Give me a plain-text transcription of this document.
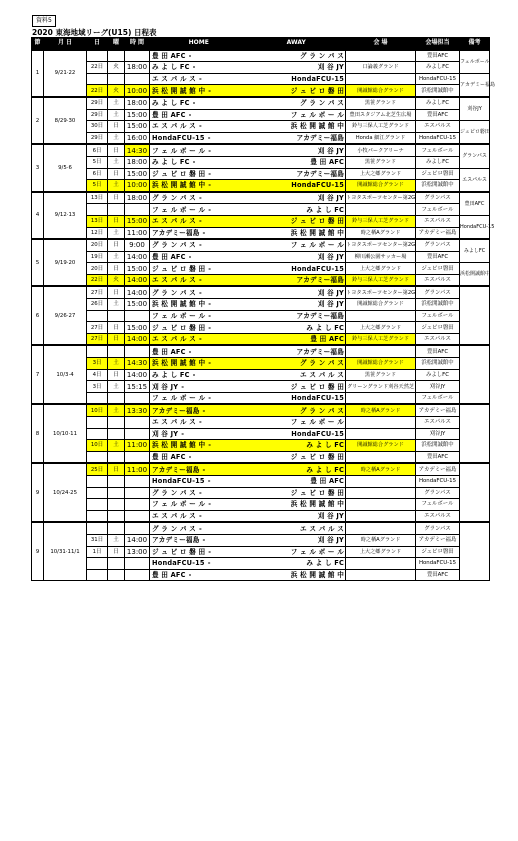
資料5
2020 東海地域リーグ(U15) 日程表
節	月 日	日	曜	時 間	HOME AWAY	会 場	会場担当	備考
1	9/21·22				豊 田 AFC - グ ラ ン パ ス		豊田AFC	フェルボール
		22日	火	18:00	み よ し FC - 刈 谷 JY	口論義グランド	みよしFC	

					エ ス パ ル ス - HondaFCU-15		HondaFCU-15	アカデミー福島
		22日	火	10:00	浜 松 開 誠 館 中 - ジ ュ ビ ロ 磐 田	開誠館総合グランド	浜松開誠館中	
2	8/29·30	29日	土	18:00	み よ し FC - グ ラ ン パ ス	黒笹グランド	みよしFC	刈谷JY
		29日	土	15:00	豊 田 AFC - フ ェ ル ボ ー ル	豊田スタジアム北芝生広場	豊田AFC	
		30日	日	15:00	エ ス パ ル ス - 浜 松 開 誠 館 中	鈴与三保人工芝グランド	エスパルス	ジュビロ磐田
		29日	土	16:00	HondaFCU-15 - アカデミー福島	Honda 細江グランド	HondaFCU-15	
3	9/5·6	6日	日	14:30	フ ェ ル ボ ー ル - 刈 谷 JY	小牧パークアリーナ	フェルボール	グランパス
		5日	土	18:00	み よ し FC - 豊 田 AFC	黒笹グランド	みよしFC	
		6日	日	15:00	ジ ュ ビ ロ 磐 田 - アカデミー福島	上大之郷グランド	ジュビロ磐田	エスパルス
		5日	土	10:00	浜 松 開 誠 館 中 - HondaFCU-15	開誠館総合グランド	浜松開誠館中	
4	9/12·13	13日	日	18:00	グ ラ ン パ ス - 刈 谷 JY	トヨタスポーツセンター第2G	グランパス	豊田AFC

					フ ェ ル ボ ー ル - み よ し FC		フェルボール	
		13日	日	15:00	エ ス パ ル ス - ジ ュ ビ ロ 磐 田	鈴与三保人工芝グランド	エスパルス	HondaFCU-15
		12日	土	11:00	アカデミー福島 - 浜 松 開 誠 館 中	時之栖Aグランド	アカデミー福島	
5	9/19·20	20日	日	9:00	グ ラ ン パ ス - フ ェ ル ボ ー ル	トヨタスポーツセンター第2G	グランパス	みよしFC
		19日	土	14:00	豊 田 AFC - 刈 谷 JY	柳川瀬公園サッカー場	豊田AFC	
		20日	日	15:00	ジ ュ ビ ロ 磐 田 - HondaFCU-15	上大之郷グランド	ジュビロ磐田	浜松開誠館中
		22日	火	14:00	エ ス パ ル ス - アカデミー福島	鈴与三保人工芝グランド	エスパルス	
6	9/26·27	27日	日	14:00	グ ラ ン パ ス - 刈 谷 JY	トヨタスポーツセンター第2G	グランパス	
		26日	土	15:00	浜 松 開 誠 館 中 - 刈 谷 JY	開誠館総合グランド	浜松開誠館中	

					フ ェ ル ボ ー ル - アカデミー福島		フェルボール	
		27日	日	15:00	ジ ュ ビ ロ 磐 田 - み よ し FC	上大之郷グランド	ジュビロ磐田	
		27日	日	14:00	エ ス パ ル ス - 豊 田 AFC	鈴与三保人工芝グランド	エスパルス	
7	10/3·4				豊 田 AFC - アカデミー福島		豊田AFC	
		3日	土	14:30	浜 松 開 誠 館 中 - グ ラ ン パ ス	開誠館総合グランド	浜松開誠館中	
		4日	日	14:00	み よ し FC - エ ス パ ル ス	黒笹グランド	みよしFC	
		3日	土	15:15	刈 谷 JY - ジ ュ ビ ロ 磐 田	グリーングランド刈谷天然芝	刈谷JY	

					フ ェ ル ボ ー ル - HondaFCU-15		フェルボール	
8	10/10·11	10日	土	13:30	アカデミー福島 - グ ラ ン パ ス	時之栖Aグランド	アカデミー福島	

					エ ス パ ル ス - フ ェ ル ボ ー ル		エスパルス	

					刈 谷 JY - HondaFCU-15		刈谷JY	
		10日	土	11:00	浜 松 開 誠 館 中 - み よ し FC	開誠館総合グランド	浜松開誠館中	

					豊 田 AFC - ジ ュ ビ ロ 磐 田		豊田AFC	
9	10/24·25	25日	日	11:00	アカデミー福島 - み よ し FC	時之栖Aグランド	アカデミー福島	

					HondaFCU-15 - 豊 田 AFC		HondaFCU-15	

					グ ラ ン パ ス - ジ ュ ビ ロ 磐 田		グランパス	

					フ ェ ル ボ ー ル - 浜 松 開 誠 館 中		フェルボール	

					エ ス パ ル ス - 刈 谷 JY		エスパルス	
9	10/31·11/1				グ ラ ン パ ス - エ ス パ ル ス		グランパス	
		31日	土	14:00	アカデミー福島 - 刈 谷 JY	時之栖Aグランド	アカデミー福島	
		1日	日	13:00	ジ ュ ビ ロ 磐 田 - フ ェ ル ボ ー ル	上大之郷グランド	ジュビロ磐田	

					HondaFCU-15 - み よ し FC		HondaFCU-15	

					豊 田 AFC - 浜 松 開 誠 館 中		豊田AFC	
